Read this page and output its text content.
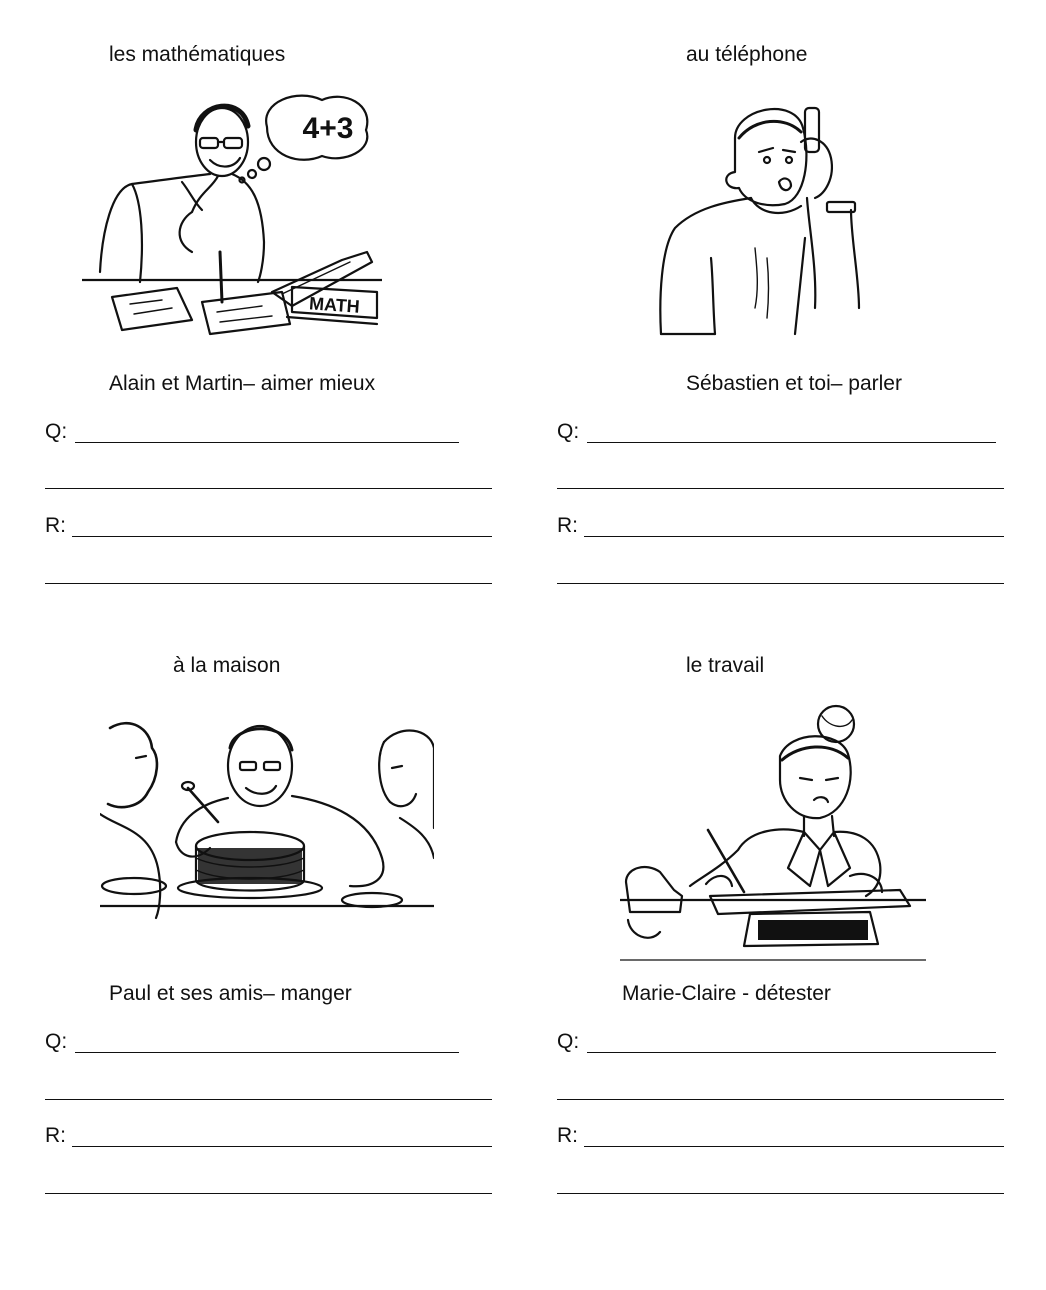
les mathématiques
4+3
MATH
Alain et Martin– aimer mieux
Q:
R:
au téléphone
Sébastien et toi– parler
Q:
R:
à la maison
Paul et ses amis– manger
Q:
R:
le travail
Marie-Claire - détester
Q:
R:
